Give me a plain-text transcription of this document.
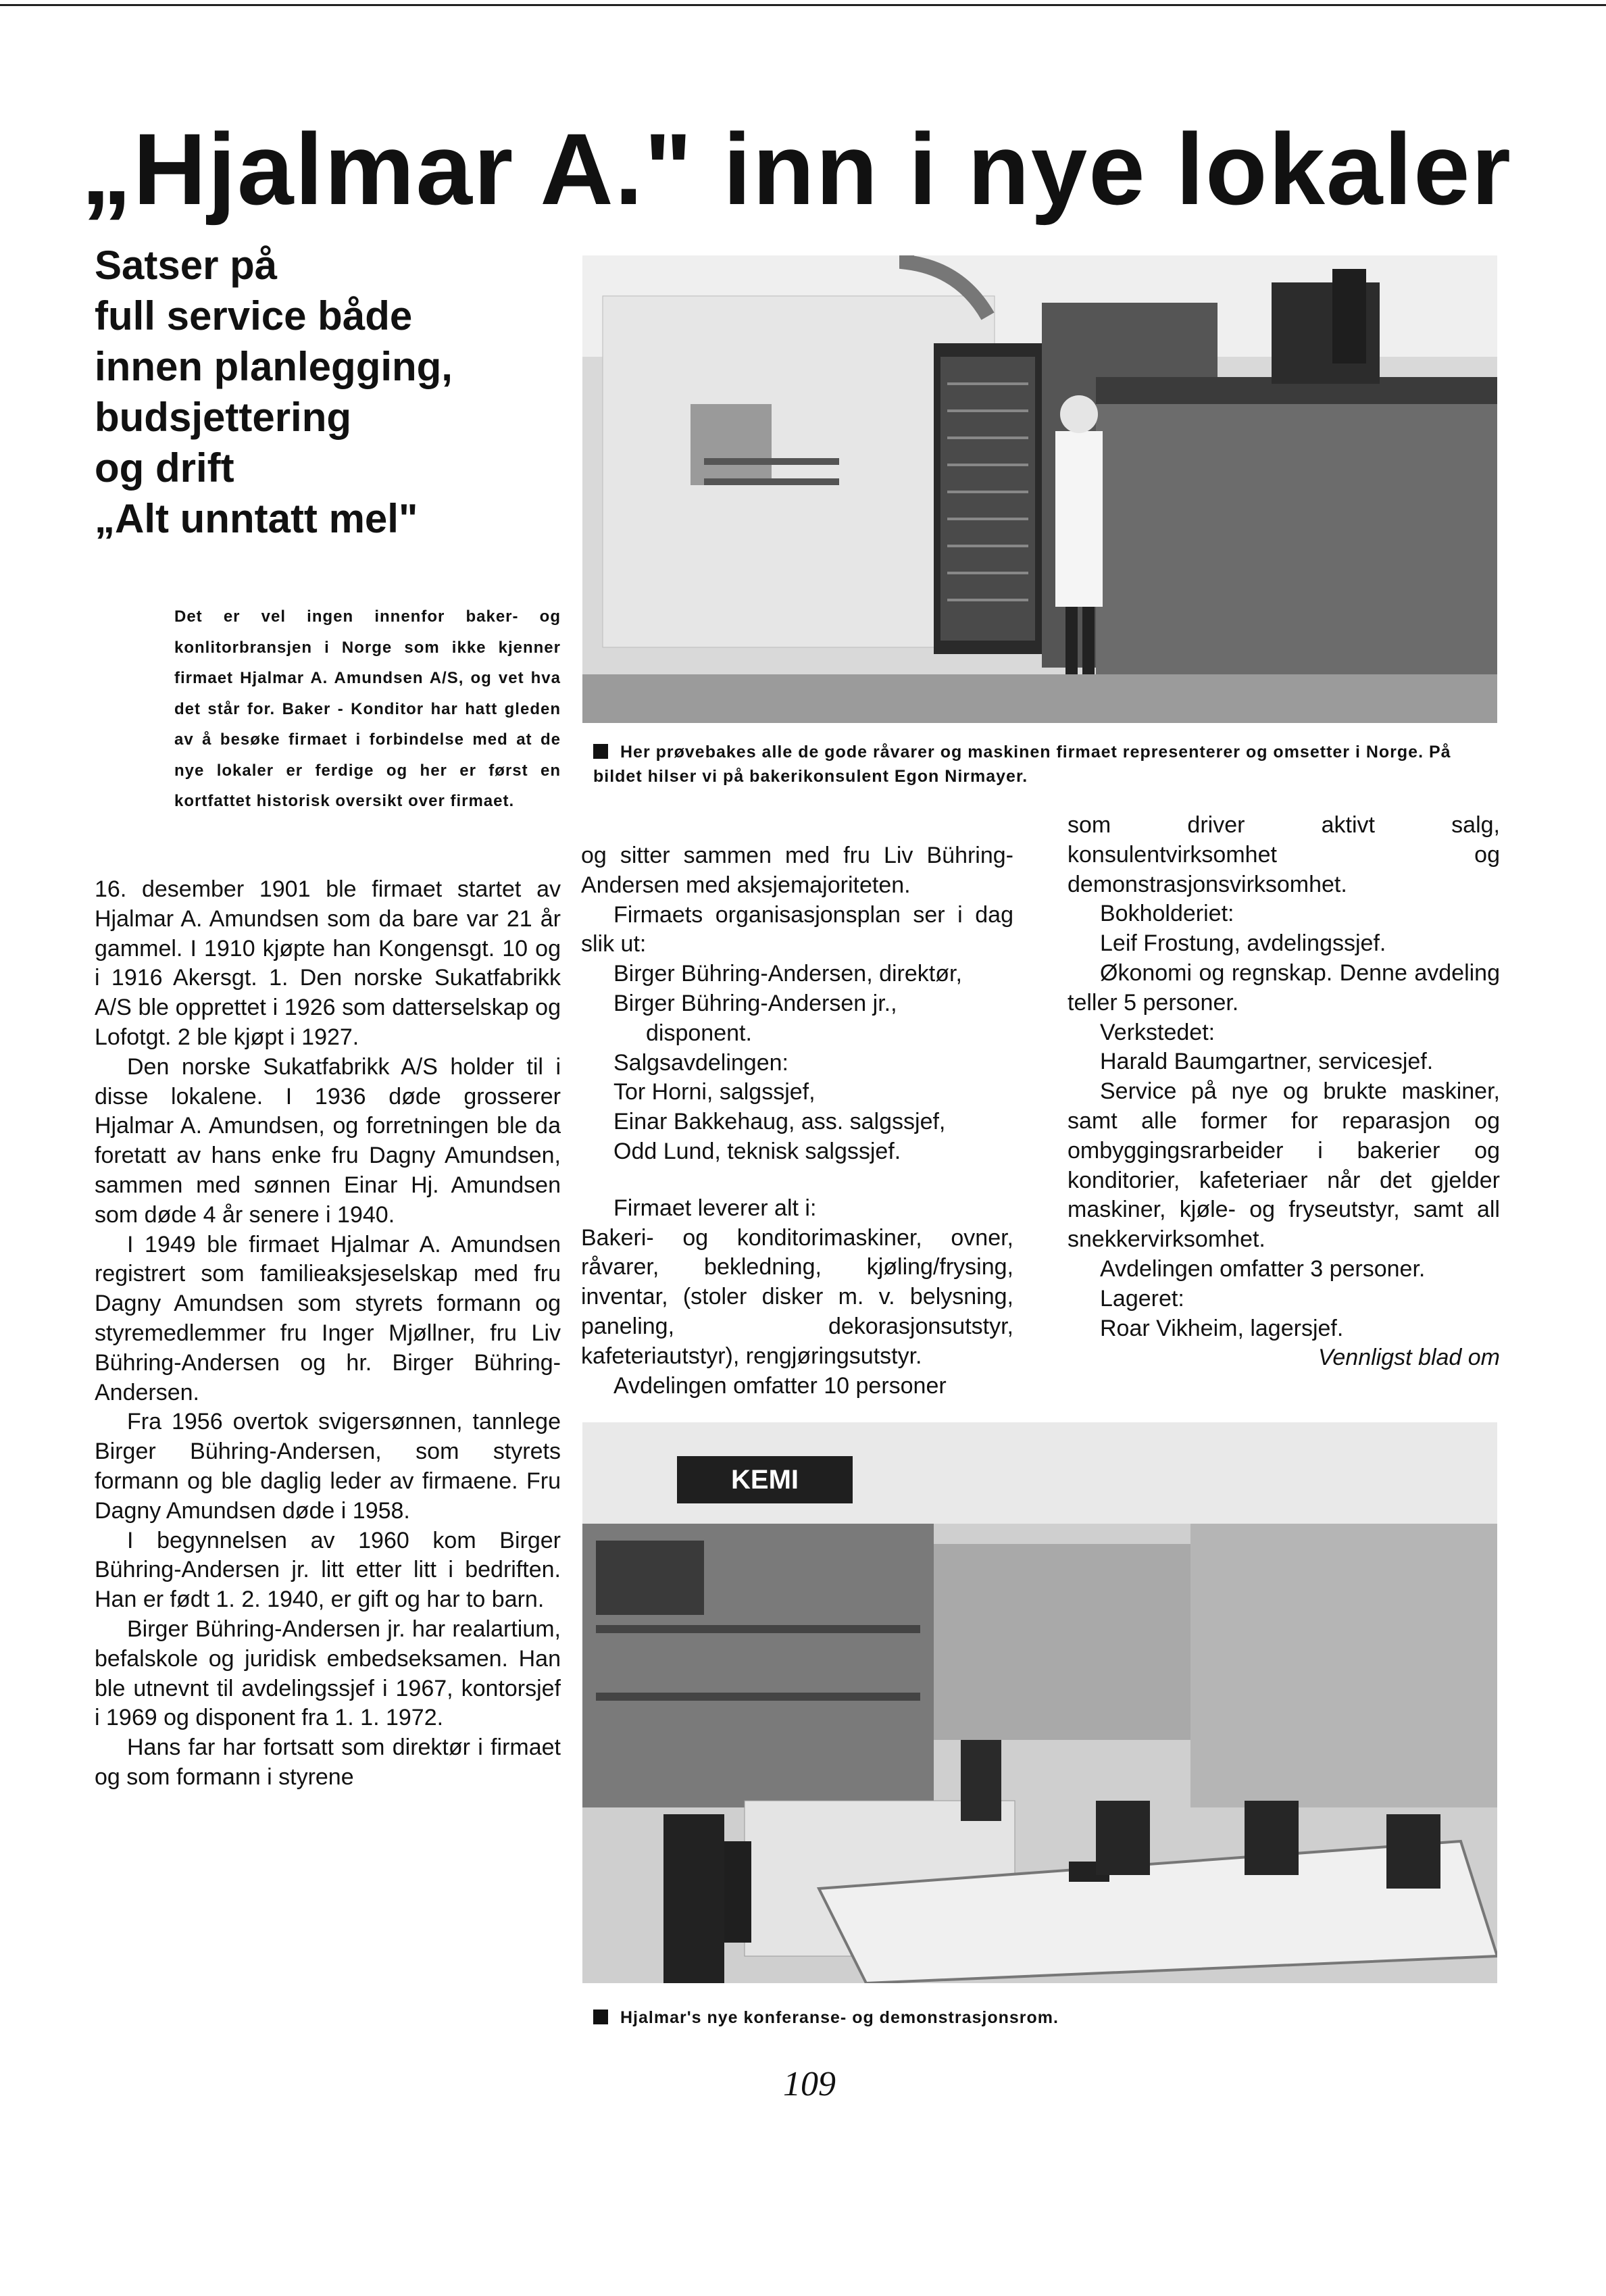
„Hjalmar A." inn i nye lokaler
Satser på
full service både
innen planlegging,
budsjettering
og drift
„Alt unntatt mel"
Det er vel ingen innenfor baker- og konlitorbransjen i Norge som ikke kjenner firmaet Hjalmar A. Amundsen A/S, og vet hva det står for. Baker - Konditor har hatt gleden av å besøke firmaet i forbindelse med at de nye lokaler er ferdige og her er først en kortfattet historisk oversikt over firmaet.
Her prøvebakes alle de gode råvarer og maskinen firmaet representerer og omsetter i Norge. På bildet hilser vi på bakerikonsulent Egon Nirmayer.

16. desember 1901 ble firmaet startet av Hjalmar A. Amundsen som da bare var 21 år gammel. I 1910 kjøpte han Kongensgt. 10 og i 1916 Akersgt. 1. Den norske Sukatfabrikk A/S ble opprettet i 1926 som datterselskap og Lofotgt. 2 ble kjøpt i 1927.

Den norske Sukatfabrikk A/S holder til i disse lokalene. I 1936 døde grosserer Hjalmar A. Amundsen, og forretningen ble da foretatt av hans enke fru Dagny Amundsen, sammen med sønnen Einar Hj. Amundsen som døde 4 år senere i 1940.

I 1949 ble firmaet Hjalmar A. Amundsen registrert som familieaksjeselskap med fru Dagny Amundsen som styrets formann og styremedlemmer fru Inger Mjøllner, fru Liv Bühring-Andersen og hr. Birger Bühring-Andersen.

Fra 1956 overtok svigersønnen, tannlege Birger Bühring-Andersen, som styrets formann og ble daglig leder av firmaene. Fru Dagny Amundsen døde i 1958.

I begynnelsen av 1960 kom Birger Bühring-Andersen jr. litt etter litt i bedriften. Han er født 1. 2. 1940, er gift og har to barn.

Birger Bühring-Andersen jr. har realartium, befalskole og juridisk embedseksamen. Han ble utnevnt til avdelingssjef i 1967, kontorsjef i 1969 og disponent fra 1. 1. 1972.

Hans far har fortsatt som direktør i firmaet og som formann i styrene

og sitter sammen med fru Liv Bühring-Andersen med aksjemajoriteten.

Firmaets organisasjonsplan ser i dag slik ut:

Birger Bühring-Andersen, direktør,

Birger Bühring-Andersen jr.,

disponent.

Salgsavdelingen:

Tor Horni, salgssjef,

Einar Bakkehaug, ass. salgssjef,

Odd Lund, teknisk salgssjef.

Firmaet leverer alt i:

Bakeri- og konditorimaskiner, ovner, råvarer, bekledning, kjøling/frysing, inventar, (stoler disker m. v. belysning, paneling, dekorasjonsutstyr, kafeteriautstyr), rengjøringsutstyr.

Avdelingen omfatter 10 personer

som driver aktivt salg, konsulentvirksomhet og demonstrasjonsvirksomhet.

Bokholderiet:

Leif Frostung, avdelingssjef.

Økonomi og regnskap. Denne avdeling teller 5 personer.

Verkstedet:

Harald Baumgartner, servicesjef.

Service på nye og brukte maskiner, samt alle former for reparasjon og ombyggingsrarbeider i bakerier og konditorier, kafeteriaer når det gjelder maskiner, kjøle- og fryseutstyr, samt all snekkervirksomhet.

Avdelingen omfatter 3 personer.

Lageret:

Roar Vikheim, lagersjef.

Vennligst blad om

KEMI
Hjalmar's nye konferanse- og demonstrasjonsrom.
109
